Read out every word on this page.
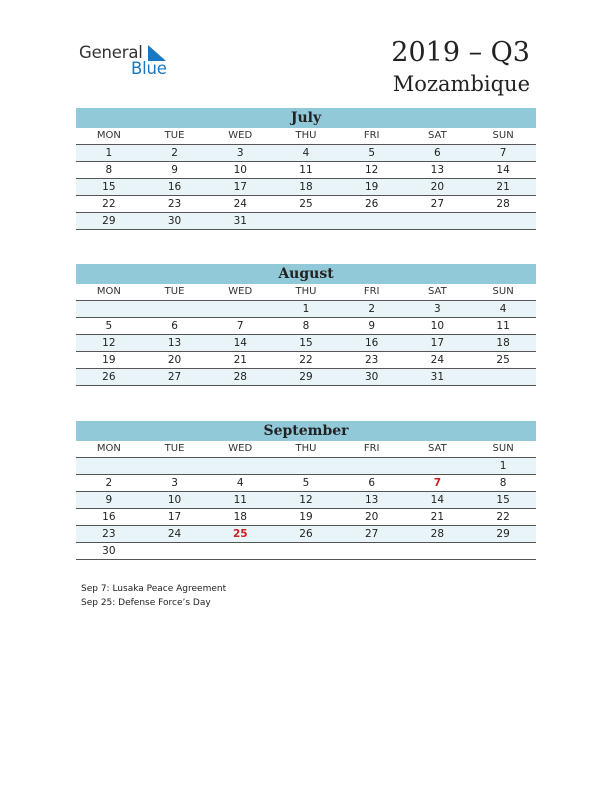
General
Blue
2019 – Q3
Mozambique
July
MON	TUE	WED	THU	FRI	SAT	SUN
1	2	3	4	5	6	7
8	9	10	11	12	13	14
15	16	17	18	19	20	21
22	23	24	25	26	27	28
29	30	31				
August
MON	TUE	WED	THU	FRI	SAT	SUN
			1	2	3	4
5	6	7	8	9	10	11
12	13	14	15	16	17	18
19	20	21	22	23	24	25
26	27	28	29	30	31	
September
MON	TUE	WED	THU	FRI	SAT	SUN
						1
2	3	4	5	6	7	8
9	10	11	12	13	14	15
16	17	18	19	20	21	22
23	24	25	26	27	28	29
30						
Sep 7: Lusaka Peace Agreement
Sep 25: Defense Force’s Day
